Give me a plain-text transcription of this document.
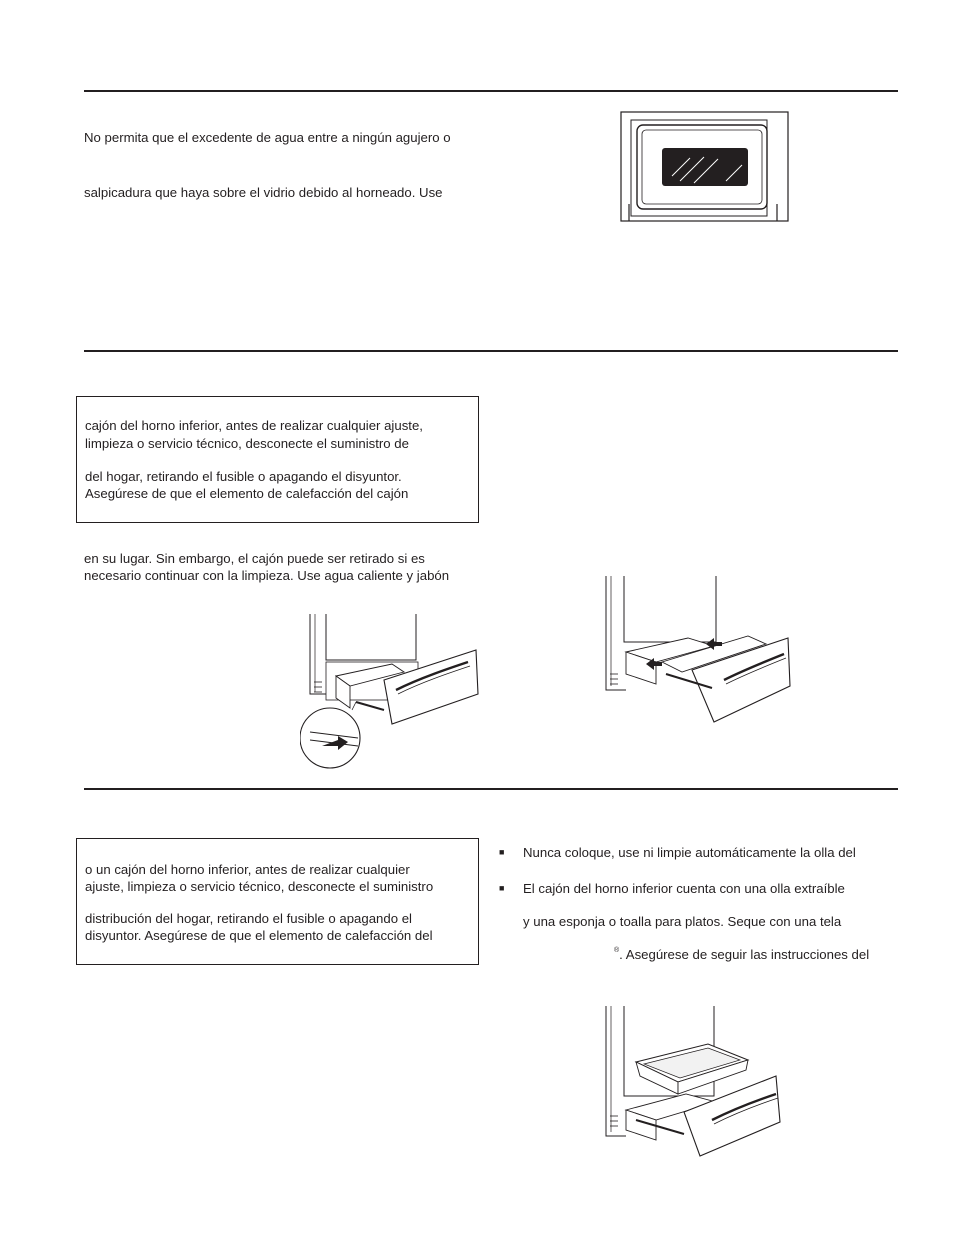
No permita que el excedente de agua entre a ningún agujero o
salpicadura que haya sobre el vidrio debido al horneado. Use
cajón del horno inferior, antes de realizar cualquier ajuste,
limpieza o servicio técnico, desconecte el suministro de
del hogar, retirando el fusible o apagando el disyuntor.
Asegúrese de que el elemento de calefacción del cajón
en su lugar. Sin embargo, el cajón puede ser retirado si es
necesario continuar con la limpieza. Use agua caliente y jabón
o un cajón del horno inferior, antes de realizar cualquier
ajuste, limpieza o servicio técnico, desconecte el suministro
distribución del hogar, retirando el fusible o apagando el
disyuntor. Asegúrese de que el elemento de calefacción del
■ Nunca coloque, use ni limpie automáticamente la olla del
■ El cajón del horno inferior cuenta con una olla extraíble
y una esponja o toalla para platos. Seque con una tela
®. Asegúrese de seguir las instrucciones del
